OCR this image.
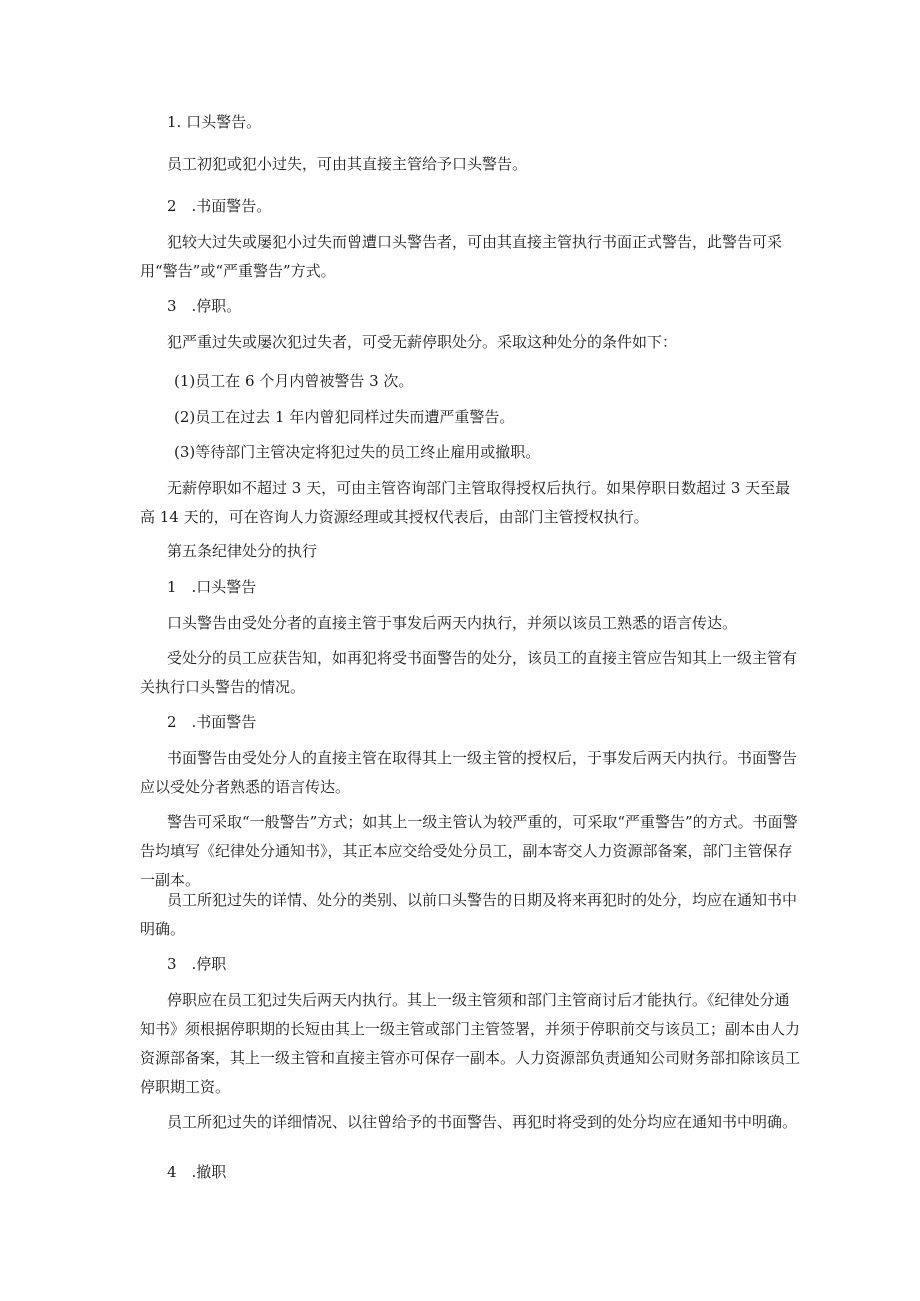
1. 口头警告。

员工初犯或犯小过失，可由其直接主管给予口头警告。

2　.书面警告。

犯较大过失或屡犯小过失而曾遭口头警告者，可由其直接主管执行书面正式警告，此警告可采用“警告”或“严重警告”方式。

3　.停职。

犯严重过失或屡次犯过失者，可受无薪停职处分。采取这种处分的条件如下：

(1)员工在 6 个月内曾被警告 3 次。

(2)员工在过去 1 年内曾犯同样过失而遭严重警告。

(3)等待部门主管决定将犯过失的员工终止雇用或撤职。

无薪停职如不超过 3 天，可由主管咨询部门主管取得授权后执行。如果停职日数超过 3 天至最高 14 天的，可在咨询人力资源经理或其授权代表后，由部门主管授权执行。

第五条纪律处分的执行

1　.口头警告

口头警告由受处分者的直接主管于事发后两天内执行，并须以该员工熟悉的语言传达。

受处分的员工应获告知，如再犯将受书面警告的处分，该员工的直接主管应告知其上一级主管有关执行口头警告的情况。

2　.书面警告

书面警告由受处分人的直接主管在取得其上一级主管的授权后，于事发后两天内执行。书面警告应以受处分者熟悉的语言传达。

警告可采取“一般警告”方式；如其上一级主管认为较严重的，可采取“严重警告”的方式。书面警告均填写《纪律处分通知书》，其正本应交给受处分员工，副本寄交人力资源部备案，部门主管保存一副本。

员工所犯过失的详情、处分的类别、以前口头警告的日期及将来再犯时的处分，均应在通知书中明确。

3　.停职

停职应在员工犯过失后两天内执行。其上一级主管须和部门主管商讨后才能执行。《纪律处分通知书》须根据停职期的长短由其上一级主管或部门主管签署，并须于停职前交与该员工；副本由人力资源部备案，其上一级主管和直接主管亦可保存一副本。人力资源部负责通知公司财务部扣除该员工停职期工资。

员工所犯过失的详细情况、以往曾给予的书面警告、再犯时将受到的处分均应在通知书中明确。

4　.撤职
